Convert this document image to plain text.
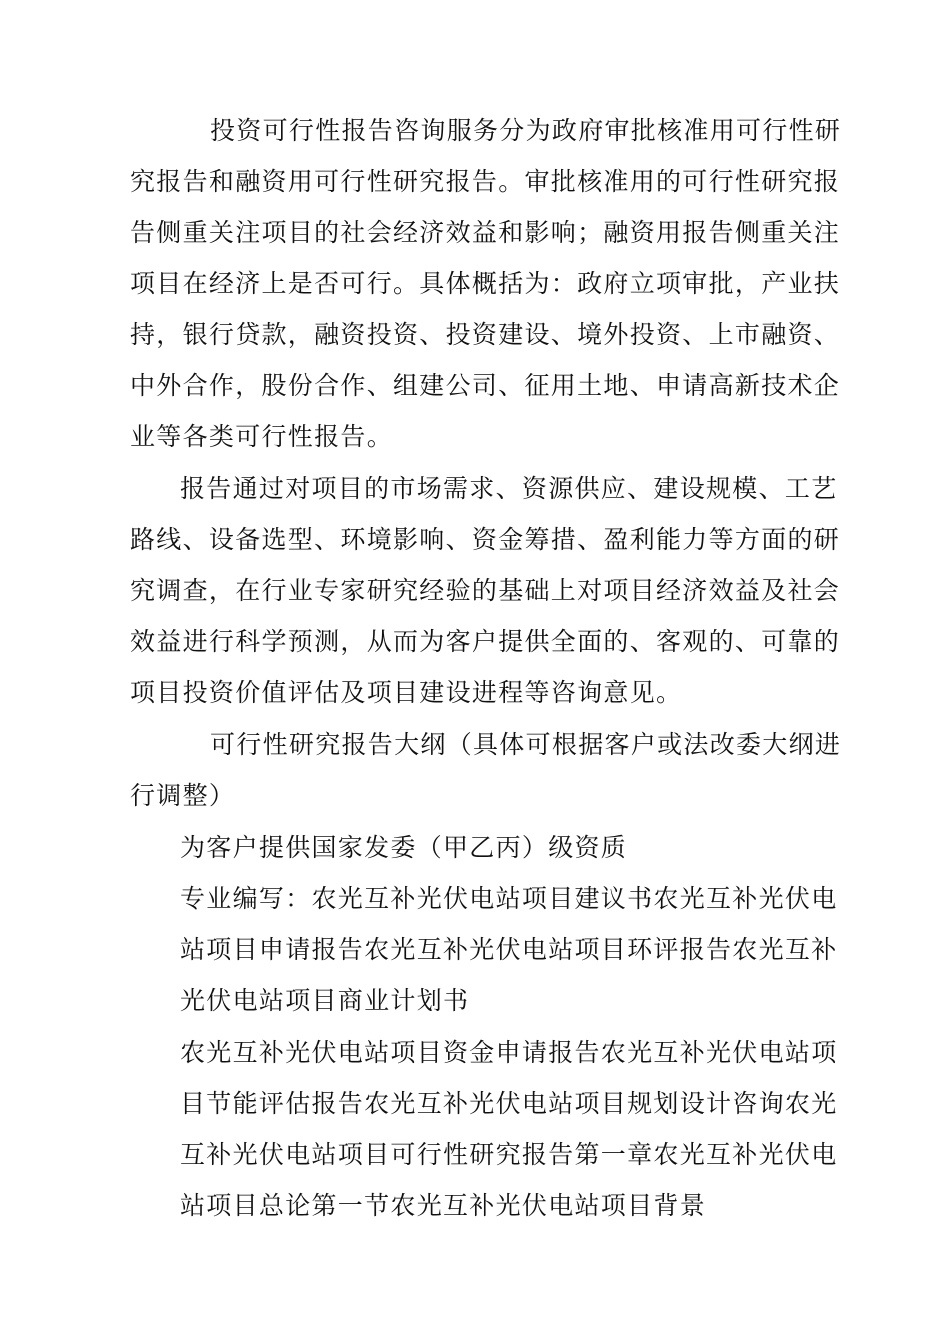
投资可行性报告咨询服务分为政府审批核准用可行性研
究报告和融资用可行性研究报告。审批核准用的可行性研究报
告侧重关注项目的社会经济效益和影响；融资用报告侧重关注
项目在经济上是否可行。具体概括为：政府立项审批，产业扶
持，银行贷款，融资投资、投资建设、境外投资、上市融资、
中外合作，股份合作、组建公司、征用土地、申请高新技术企
业等各类可行性报告。
报告通过对项目的市场需求、资源供应、建设规模、工艺
路线、设备选型、环境影响、资金筹措、盈利能力等方面的研
究调查，在行业专家研究经验的基础上对项目经济效益及社会
效益进行科学预测，从而为客户提供全面的、客观的、可靠的
项目投资价值评估及项目建设进程等咨询意见。
可行性研究报告大纲（具体可根据客户或法改委大纲进
行调整）
为客户提供国家发委（甲乙丙）级资质
专业编写：农光互补光伏电站项目建议书农光互补光伏电
站项目申请报告农光互补光伏电站项目环评报告农光互补
光伏电站项目商业计划书
农光互补光伏电站项目资金申请报告农光互补光伏电站项
目节能评估报告农光互补光伏电站项目规划设计咨询农光
互补光伏电站项目可行性研究报告第一章农光互补光伏电
站项目总论第一节农光互补光伏电站项目背景
